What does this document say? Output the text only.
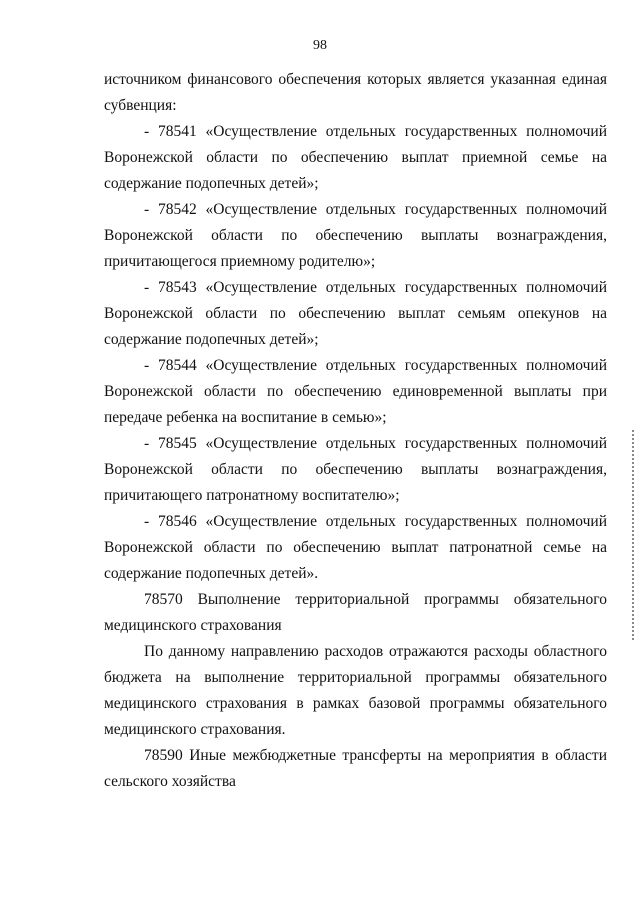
98

источником финансового обеспечения которых является указанная единая субвенция:

- 78541 «Осуществление отдельных государственных полномочий Воронежской области по обеспечению выплат приемной семье на содержание подопечных детей»;

- 78542 «Осуществление отдельных государственных полномочий Воронежской области по обеспечению выплаты вознаграждения, причитающегося приемному родителю»;

- 78543 «Осуществление отдельных государственных полномочий Воронежской области по обеспечению выплат семьям опекунов на содержание подопечных детей»;

- 78544 «Осуществление отдельных государственных полномочий Воронежской области по обеспечению единовременной выплаты при передаче ребенка на воспитание в семью»;

- 78545 «Осуществление отдельных государственных полномочий Воронежской области по обеспечению выплаты вознаграждения, причитающего патронатному воспитателю»;

- 78546 «Осуществление отдельных государственных полномочий Воронежской области по обеспечению выплат патронатной семье на содержание подопечных детей».

78570 Выполнение территориальной программы обязательного медицинского страхования

По данному направлению расходов отражаются расходы областного бюджета на выполнение территориальной программы обязательного медицинского страхования в рамках базовой программы обязательного медицинского страхования.

78590 Иные межбюджетные трансферты на мероприятия в области сельского хозяйства
